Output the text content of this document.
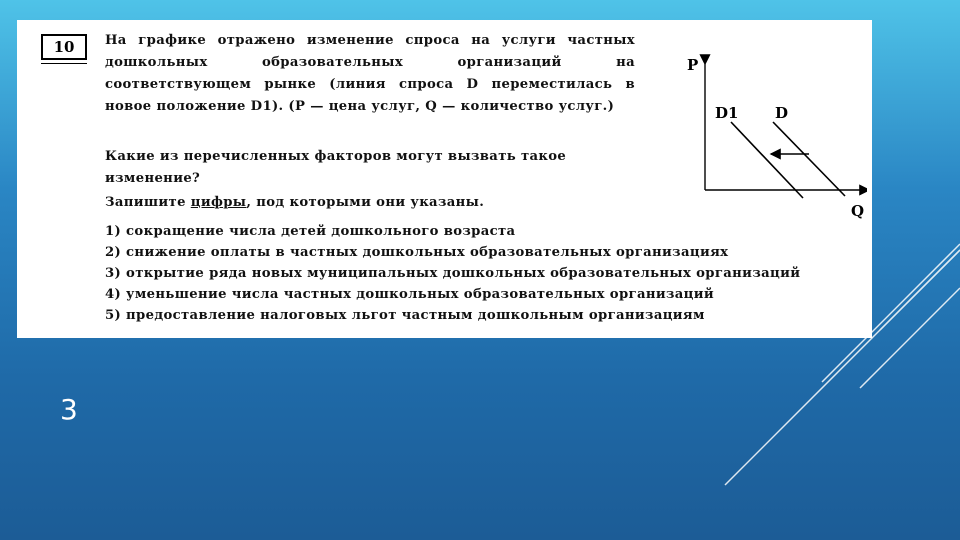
10	На графике отражено изменение спроса на услуги частных дошкольных образовательных организаций на соответствующем рынке (линия спроса D переместилась в новое положение D1). (P — цена услуг, Q — количество услуг.)
Какие из перечисленных факторов могут вызвать такое изменение?
Запишите цифры, под которыми они указаны.
1) сокращение числа детей дошкольного возраста
2) снижение оплаты в частных дошкольных образовательных организациях
3) открытие ряда новых муниципальных дошкольных образовательных организаций
4) уменьшение числа частных дошкольных образовательных организаций
5) предоставление налоговых льгот частным дошкольным организациям
P
Q
D1 D
3
